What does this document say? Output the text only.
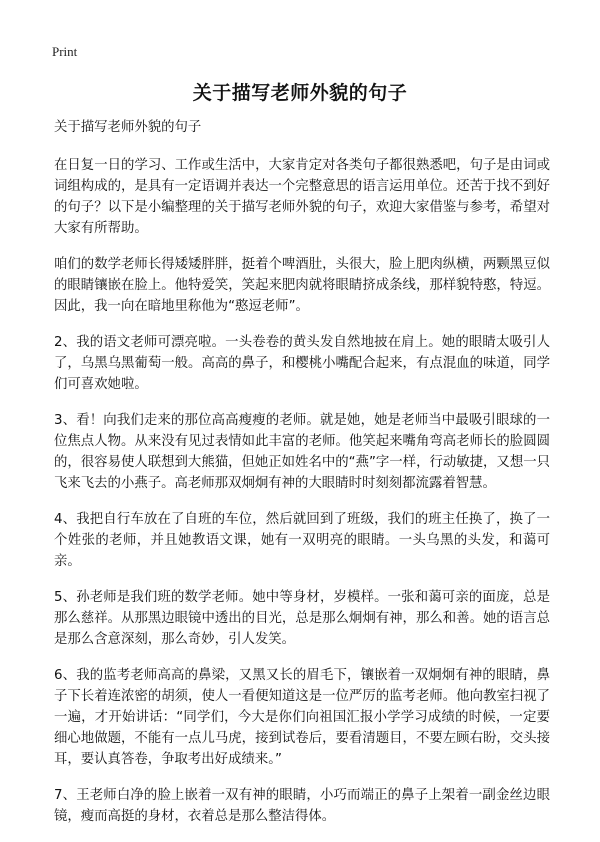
Print
关于描写老师外貌的句子

关于描写老师外貌的句子

在日复一日的学习、工作或生活中，大家肯定对各类句子都很熟悉吧，句子是由词或词组构成的，是具有一定语调并表达一个完整意思的语言运用单位。还苦于找不到好的句子？以下是小编整理的关于描写老师外貌的句子，欢迎大家借鉴与参考，希望对大家有所帮助。

咱们的数学老师长得矮矮胖胖，挺着个啤酒肚，头很大，脸上肥肉纵横，两颗黑豆似的眼睛镶嵌在脸上。他特爱笑，笑起来肥肉就将眼睛挤成条线，那样貌特憨，特逗。因此，我一向在暗地里称他为“憨逗老师”。

2、我的语文老师可漂亮啦。一头卷卷的黄头发自然地披在肩上。她的眼睛太吸引人了，乌黑乌黑葡萄一般。高高的鼻子，和樱桃小嘴配合起来，有点混血的味道，同学们可喜欢她啦。

3、看！向我们走来的那位高高瘦瘦的老师。就是她，她是老师当中最吸引眼球的一位焦点人物。从来没有见过表情如此丰富的老师。他笑起来嘴角弯高老师长的脸圆圆的，很容易使人联想到大熊猫，但她正如姓名中的“燕”字一样，行动敏捷，又想一只飞来飞去的小燕子。高老师那双炯炯有神的大眼睛时时刻刻都流露着智慧。

4、我把自行车放在了自班的车位，然后就回到了班级，我们的班主任换了，换了一个姓张的老师，并且她教语文课，她有一双明亮的眼睛。一头乌黑的头发，和蔼可亲。

5、孙老师是我们班的数学老师。她中等身材，岁模样。一张和蔼可亲的面庞，总是那么慈祥。从那黑边眼镜中透出的目光，总是那么炯炯有神，那么和善。她的语言总是那么含意深刻，那么奇妙，引人发笑。

6、我的监考老师高高的鼻梁，又黑又长的眉毛下，镶嵌着一双炯炯有神的眼睛，鼻子下长着连浓密的胡须，使人一看便知道这是一位严厉的监考老师。他向教室扫视了一遍，才开始讲话：“同学们，今大是你们向祖国汇报小学学习成绩的时候，一定要细心地做题，不能有一点儿马虎，接到试卷后，要看清题目，不要左顾右盼，交头接耳，要认真答卷，争取考出好成绩来。”

7、王老师白净的脸上嵌着一双有神的眼睛，小巧而端正的鼻子上架着一副金丝边眼镜，瘦而高挺的身材，衣着总是那么整洁得体。
